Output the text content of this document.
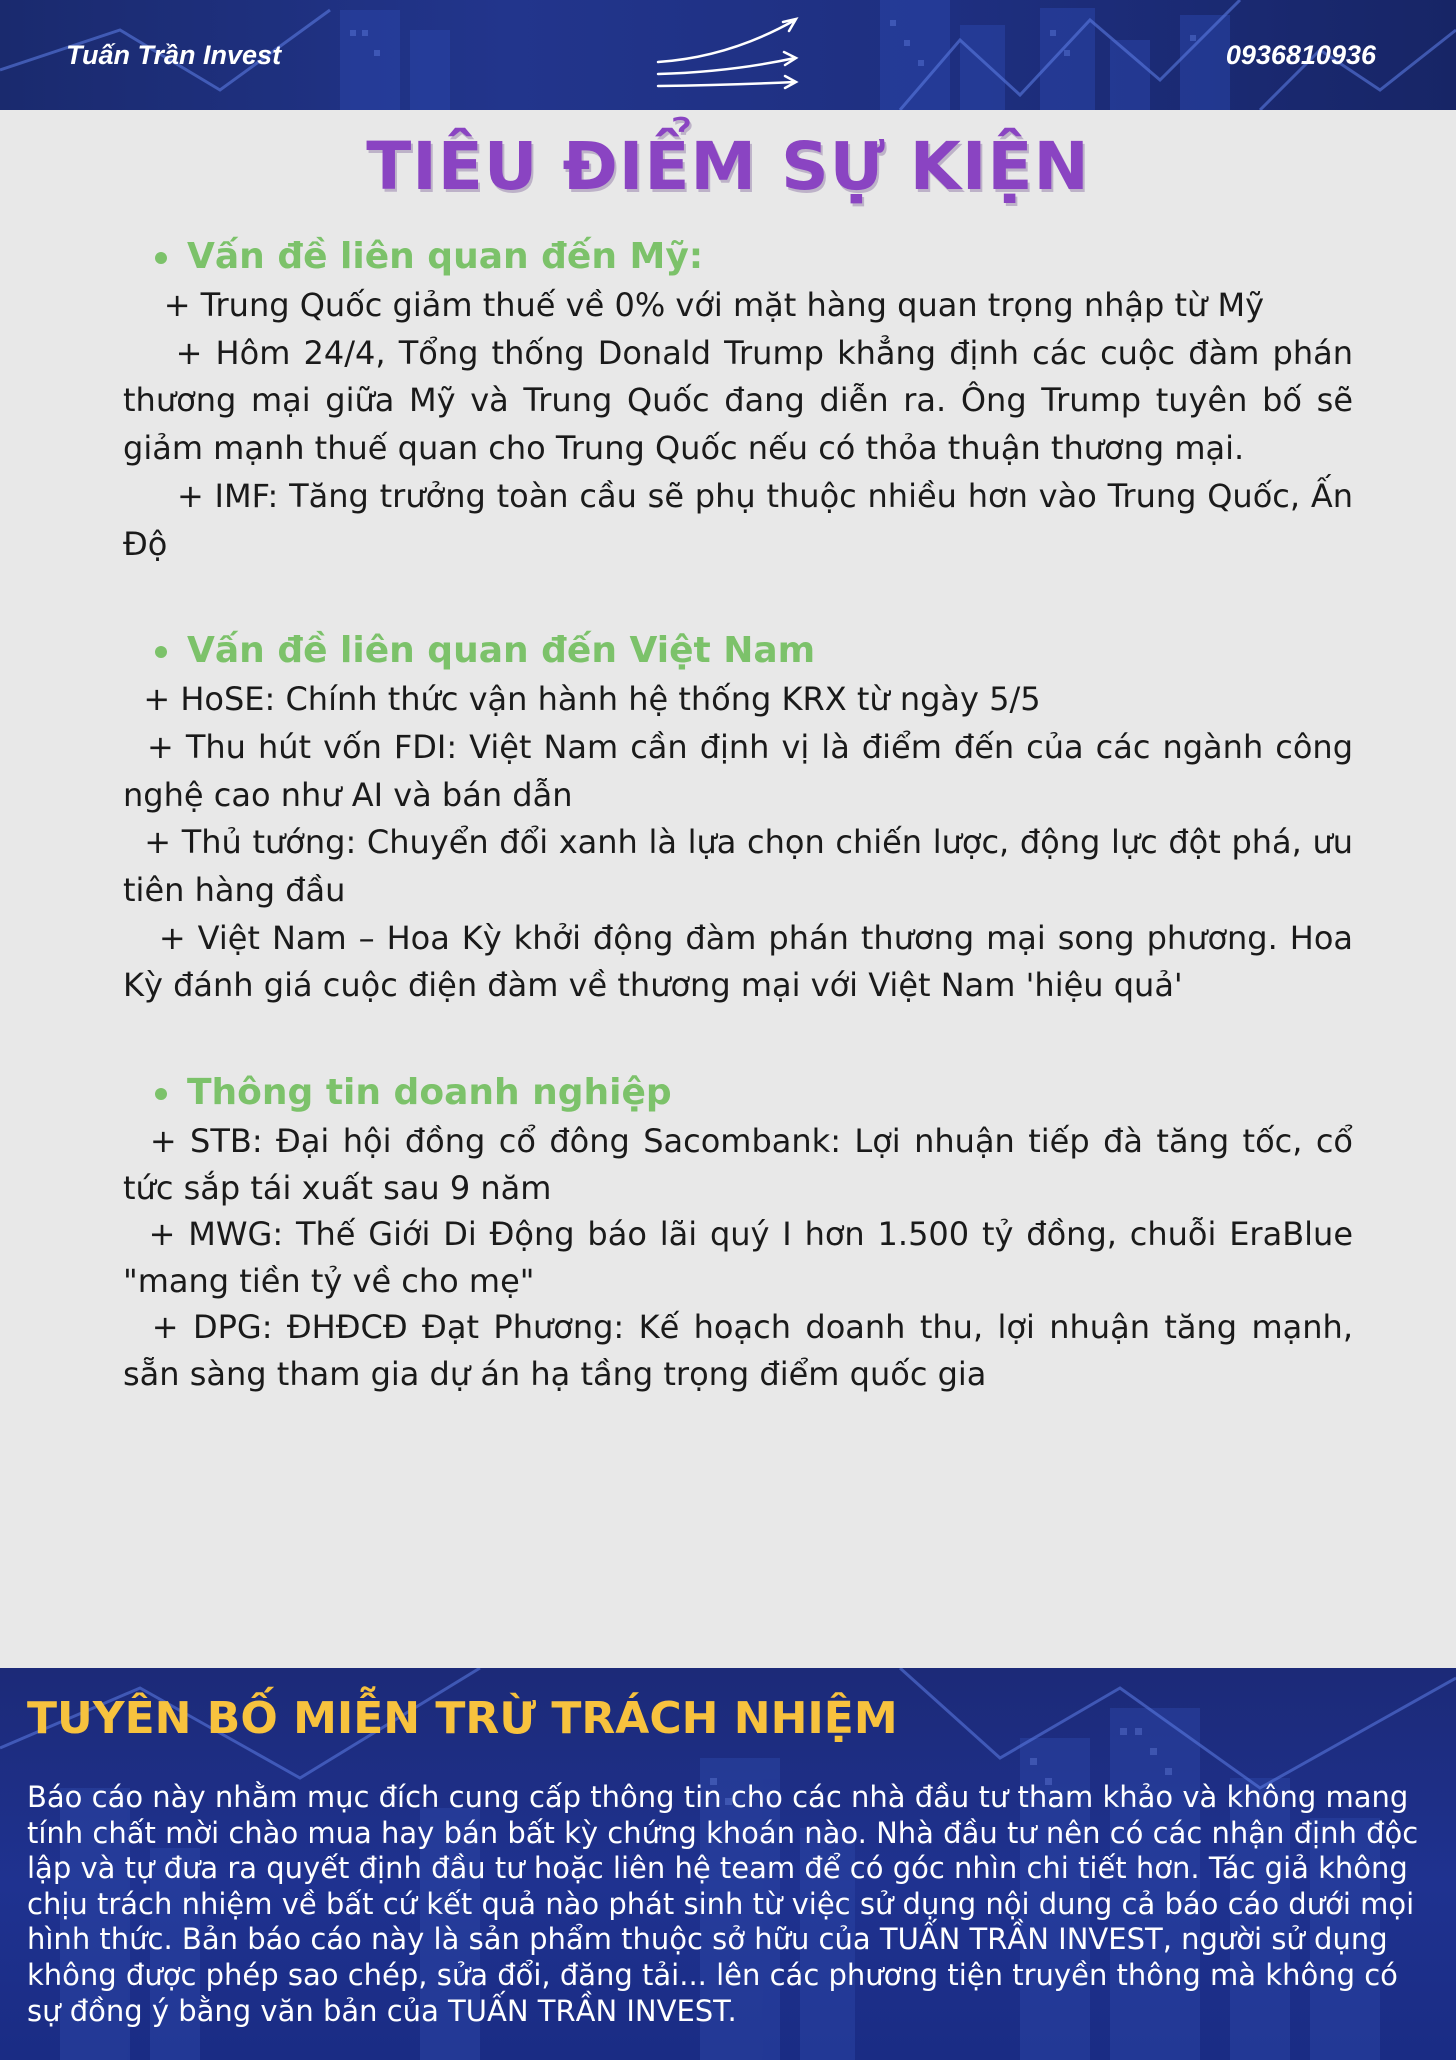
Tuấn Trần Invest	0936810936
TIÊU ĐIỂM SỰ KIỆN
Vấn đề liên quan đến Mỹ:

+ Trung Quốc giảm thuế về 0% với mặt hàng quan trọng nhập từ Mỹ

+ Hôm 24/4, Tổng thống Donald Trump khẳng định các cuộc đàm phán thương mại giữa Mỹ và Trung Quốc đang diễn ra. Ông Trump tuyên bố sẽ giảm mạnh thuế quan cho Trung Quốc nếu có thỏa thuận thương mại.

+ IMF: Tăng trưởng toàn cầu sẽ phụ thuộc nhiều hơn vào Trung Quốc, Ấn Độ

Vấn đề liên quan đến Việt Nam

+ HoSE: Chính thức vận hành hệ thống KRX từ ngày 5/5

+ Thu hút vốn FDI: Việt Nam cần định vị là điểm đến của các ngành công nghệ cao như AI và bán dẫn

+ Thủ tướng: Chuyển đổi xanh là lựa chọn chiến lược, động lực đột phá, ưu tiên hàng đầu

+ Việt Nam – Hoa Kỳ khởi động đàm phán thương mại song phương. Hoa Kỳ đánh giá cuộc điện đàm về thương mại với Việt Nam 'hiệu quả'

Thông tin doanh nghiệp

+ STB: Đại hội đồng cổ đông Sacombank: Lợi nhuận tiếp đà tăng tốc, cổ tức sắp tái xuất sau 9 năm

+ MWG: Thế Giới Di Động báo lãi quý I hơn 1.500 tỷ đồng, chuỗi EraBlue "mang tiền tỷ về cho mẹ"

+ DPG: ĐHĐCĐ Đạt Phương: Kế hoạch doanh thu, lợi nhuận tăng mạnh, sẵn sàng tham gia dự án hạ tầng trọng điểm quốc gia

TUYÊN BỐ MIỄN TRỪ TRÁCH NHIỆM

Báo cáo này nhằm mục đích cung cấp thông tin cho các nhà đầu tư tham khảo và không mang tính chất mời chào mua hay bán bất kỳ chứng khoán nào. Nhà đầu tư nên có các nhận định độc lập và tự đưa ra quyết định đầu tư hoặc liên hệ team để có góc nhìn chi tiết hơn. Tác giả không chịu trách nhiệm về bất cứ kết quả nào phát sinh từ việc sử dụng nội dung cả báo cáo dưới mọi hình thức. Bản báo cáo này là sản phẩm thuộc sở hữu của TUẤN TRẦN INVEST, người sử dụng không được phép sao chép, sửa đổi, đăng tải... lên các phương tiện truyền thông mà không có sự đồng ý bằng văn bản của TUẤN TRẦN INVEST.
